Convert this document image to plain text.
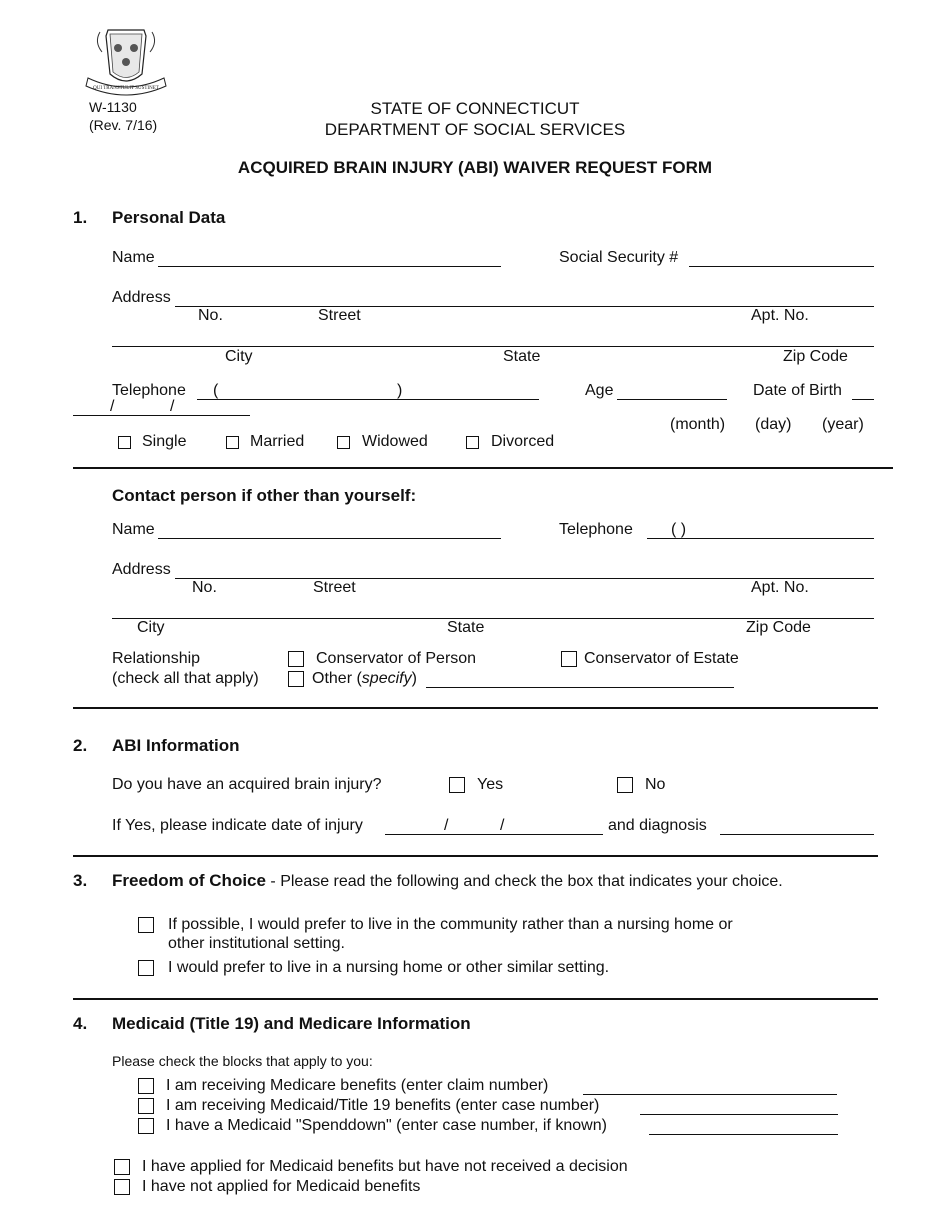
QUI TRANSTULIT SUSTINET
W-1130
(Rev. 7/16)
STATE OF CONNECTICUT
DEPARTMENT OF SOCIAL SERVICES
ACQUIRED BRAIN INJURY (ABI) WAIVER REQUEST FORM
1. Personal Data
Name	Social Security #
Address
No.	Street	Apt. No.
City	State	Zip Code
Telephone (	)	Age	Date of Birth
/	/
(month) (day) (year)
Single	Married	Widowed	Divorced
Contact person if other than yourself:
Name	Telephone ( )
Address
No.	Street	Apt. No.
City	State	Zip Code
Relationship
(check all that apply)
Conservator of Person	Conservator of Estate
Other (specify)
2. ABI Information
Do you have an acquired brain injury?	Yes	No
If Yes, please indicate date of injury	/	/	and diagnosis
3. Freedom of Choice - Please read the following and check the box that indicates your choice.
If possible, I would prefer to live in the community rather than a nursing home or
other institutional setting.
I would prefer to live in a nursing home or other similar setting.
4. Medicaid (Title 19) and Medicare Information
Please check the blocks that apply to you:
I am receiving Medicare benefits (enter claim number)
I am receiving Medicaid/Title 19 benefits (enter case number)
I have a Medicaid "Spenddown" (enter case number, if known)
I have applied for Medicaid benefits but have not received a decision
I have not applied for Medicaid benefits
